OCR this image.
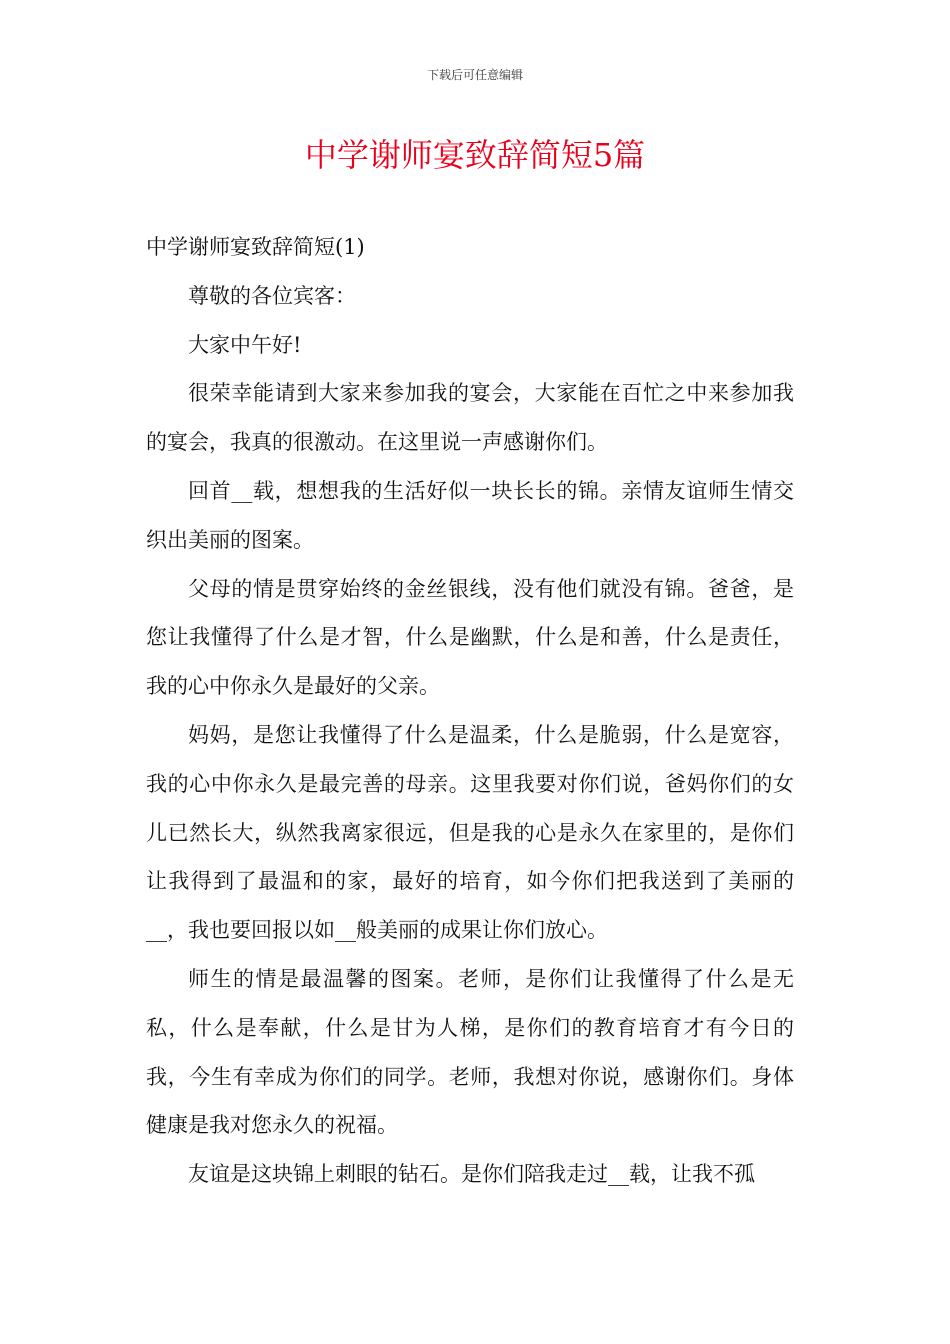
下载后可任意编辑
中学谢师宴致辞简短5篇

中学谢师宴致辞简短(1)

尊敬的各位宾客：

大家中午好!

很荣幸能请到大家来参加我的宴会，大家能在百忙之中来参加我的宴会，我真的很激动。在这里说一声感谢你们。

回首__载，想想我的生活好似一块长长的锦。亲情友谊师生情交织出美丽的图案。

父母的情是贯穿始终的金丝银线，没有他们就没有锦。爸爸，是您让我懂得了什么是才智，什么是幽默，什么是和善，什么是责任，我的心中你永久是最好的父亲。

妈妈，是您让我懂得了什么是温柔，什么是脆弱，什么是宽容，我的心中你永久是最完善的母亲。这里我要对你们说，爸妈你们的女儿已然长大，纵然我离家很远，但是我的心是永久在家里的，是你们让我得到了最温和的家，最好的培育，如今你们把我送到了美丽的__，我也要回报以如__般美丽的成果让你们放心。

师生的情是最温馨的图案。老师，是你们让我懂得了什么是无私，什么是奉献，什么是甘为人梯，是你们的教育培育才有今日的我，今生有幸成为你们的同学。老师，我想对你说，感谢你们。身体健康是我对您永久的祝福。

友谊是这块锦上刺眼的钻石。是你们陪我走过__载，让我不孤
